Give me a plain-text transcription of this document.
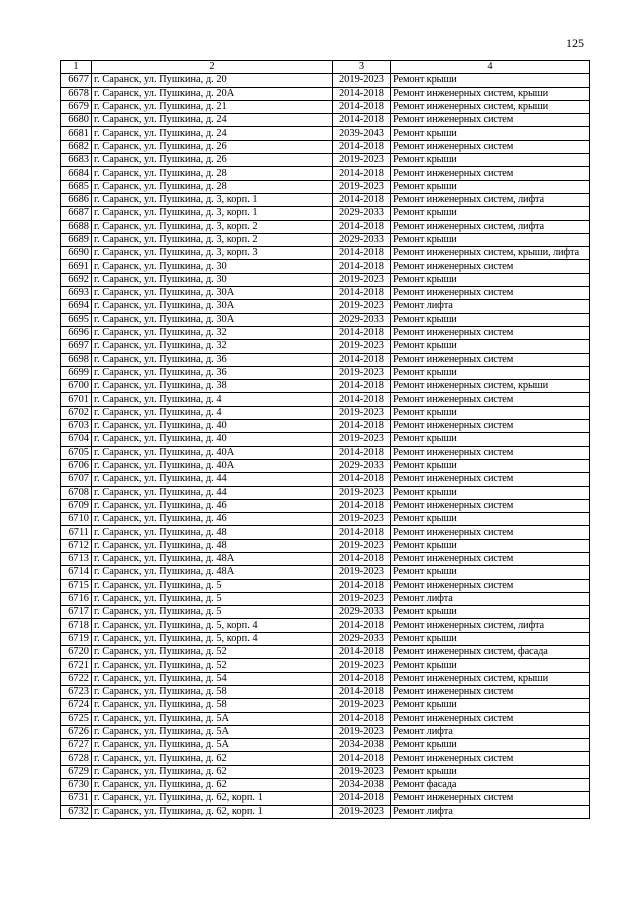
125
1	2	3	4
6677	г. Саранск, ул. Пушкина, д. 20	2019-2023	Ремонт крыши
6678	г. Саранск, ул. Пушкина, д. 20А	2014-2018	Ремонт инженерных систем, крыши
6679	г. Саранск, ул. Пушкина, д. 21	2014-2018	Ремонт инженерных систем, крыши
6680	г. Саранск, ул. Пушкина, д. 24	2014-2018	Ремонт инженерных систем
6681	г. Саранск, ул. Пушкина, д. 24	2039-2043	Ремонт крыши
6682	г. Саранск, ул. Пушкина, д. 26	2014-2018	Ремонт инженерных систем
6683	г. Саранск, ул. Пушкина, д. 26	2019-2023	Ремонт крыши
6684	г. Саранск, ул. Пушкина, д. 28	2014-2018	Ремонт инженерных систем
6685	г. Саранск, ул. Пушкина, д. 28	2019-2023	Ремонт крыши
6686	г. Саранск, ул. Пушкина, д. 3, корп. 1	2014-2018	Ремонт инженерных систем, лифта
6687	г. Саранск, ул. Пушкина, д. 3, корп. 1	2029-2033	Ремонт крыши
6688	г. Саранск, ул. Пушкина, д. 3, корп. 2	2014-2018	Ремонт инженерных систем, лифта
6689	г. Саранск, ул. Пушкина, д. 3, корп. 2	2029-2033	Ремонт крыши
6690	г. Саранск, ул. Пушкина, д. 3, корп. 3	2014-2018	Ремонт инженерных систем, крыши, лифта
6691	г. Саранск, ул. Пушкина, д. 30	2014-2018	Ремонт инженерных систем
6692	г. Саранск, ул. Пушкина, д. 30	2019-2023	Ремонт крыши
6693	г. Саранск, ул. Пушкина, д. 30А	2014-2018	Ремонт инженерных систем
6694	г. Саранск, ул. Пушкина, д. 30А	2019-2023	Ремонт лифта
6695	г. Саранск, ул. Пушкина, д. 30А	2029-2033	Ремонт крыши
6696	г. Саранск, ул. Пушкина, д. 32	2014-2018	Ремонт инженерных систем
6697	г. Саранск, ул. Пушкина, д. 32	2019-2023	Ремонт крыши
6698	г. Саранск, ул. Пушкина, д. 36	2014-2018	Ремонт инженерных систем
6699	г. Саранск, ул. Пушкина, д. 36	2019-2023	Ремонт крыши
6700	г. Саранск, ул. Пушкина, д. 38	2014-2018	Ремонт инженерных систем, крыши
6701	г. Саранск, ул. Пушкина, д. 4	2014-2018	Ремонт инженерных систем
6702	г. Саранск, ул. Пушкина, д. 4	2019-2023	Ремонт крыши
6703	г. Саранск, ул. Пушкина, д. 40	2014-2018	Ремонт инженерных систем
6704	г. Саранск, ул. Пушкина, д. 40	2019-2023	Ремонт крыши
6705	г. Саранск, ул. Пушкина, д. 40А	2014-2018	Ремонт инженерных систем
6706	г. Саранск, ул. Пушкина, д. 40А	2029-2033	Ремонт крыши
6707	г. Саранск, ул. Пушкина, д. 44	2014-2018	Ремонт инженерных систем
6708	г. Саранск, ул. Пушкина, д. 44	2019-2023	Ремонт крыши
6709	г. Саранск, ул. Пушкина, д. 46	2014-2018	Ремонт инженерных систем
6710	г. Саранск, ул. Пушкина, д. 46	2019-2023	Ремонт крыши
6711	г. Саранск, ул. Пушкина, д. 48	2014-2018	Ремонт инженерных систем
6712	г. Саранск, ул. Пушкина, д. 48	2019-2023	Ремонт крыши
6713	г. Саранск, ул. Пушкина, д. 48А	2014-2018	Ремонт инженерных систем
6714	г. Саранск, ул. Пушкина, д. 48А	2019-2023	Ремонт крыши
6715	г. Саранск, ул. Пушкина, д. 5	2014-2018	Ремонт инженерных систем
6716	г. Саранск, ул. Пушкина, д. 5	2019-2023	Ремонт лифта
6717	г. Саранск, ул. Пушкина, д. 5	2029-2033	Ремонт крыши
6718	г. Саранск, ул. Пушкина, д. 5, корп. 4	2014-2018	Ремонт инженерных систем, лифта
6719	г. Саранск, ул. Пушкина, д. 5, корп. 4	2029-2033	Ремонт крыши
6720	г. Саранск, ул. Пушкина, д. 52	2014-2018	Ремонт инженерных систем, фасада
6721	г. Саранск, ул. Пушкина, д. 52	2019-2023	Ремонт крыши
6722	г. Саранск, ул. Пушкина, д. 54	2014-2018	Ремонт инженерных систем, крыши
6723	г. Саранск, ул. Пушкина, д. 58	2014-2018	Ремонт инженерных систем
6724	г. Саранск, ул. Пушкина, д. 58	2019-2023	Ремонт крыши
6725	г. Саранск, ул. Пушкина, д. 5А	2014-2018	Ремонт инженерных систем
6726	г. Саранск, ул. Пушкина, д. 5А	2019-2023	Ремонт лифта
6727	г. Саранск, ул. Пушкина, д. 5А	2034-2038	Ремонт крыши
6728	г. Саранск, ул. Пушкина, д. 62	2014-2018	Ремонт инженерных систем
6729	г. Саранск, ул. Пушкина, д. 62	2019-2023	Ремонт крыши
6730	г. Саранск, ул. Пушкина, д. 62	2034-2038	Ремонт фасада
6731	г. Саранск, ул. Пушкина, д. 62, корп. 1	2014-2018	Ремонт инженерных систем
6732	г. Саранск, ул. Пушкина, д. 62, корп. 1	2019-2023	Ремонт лифта
